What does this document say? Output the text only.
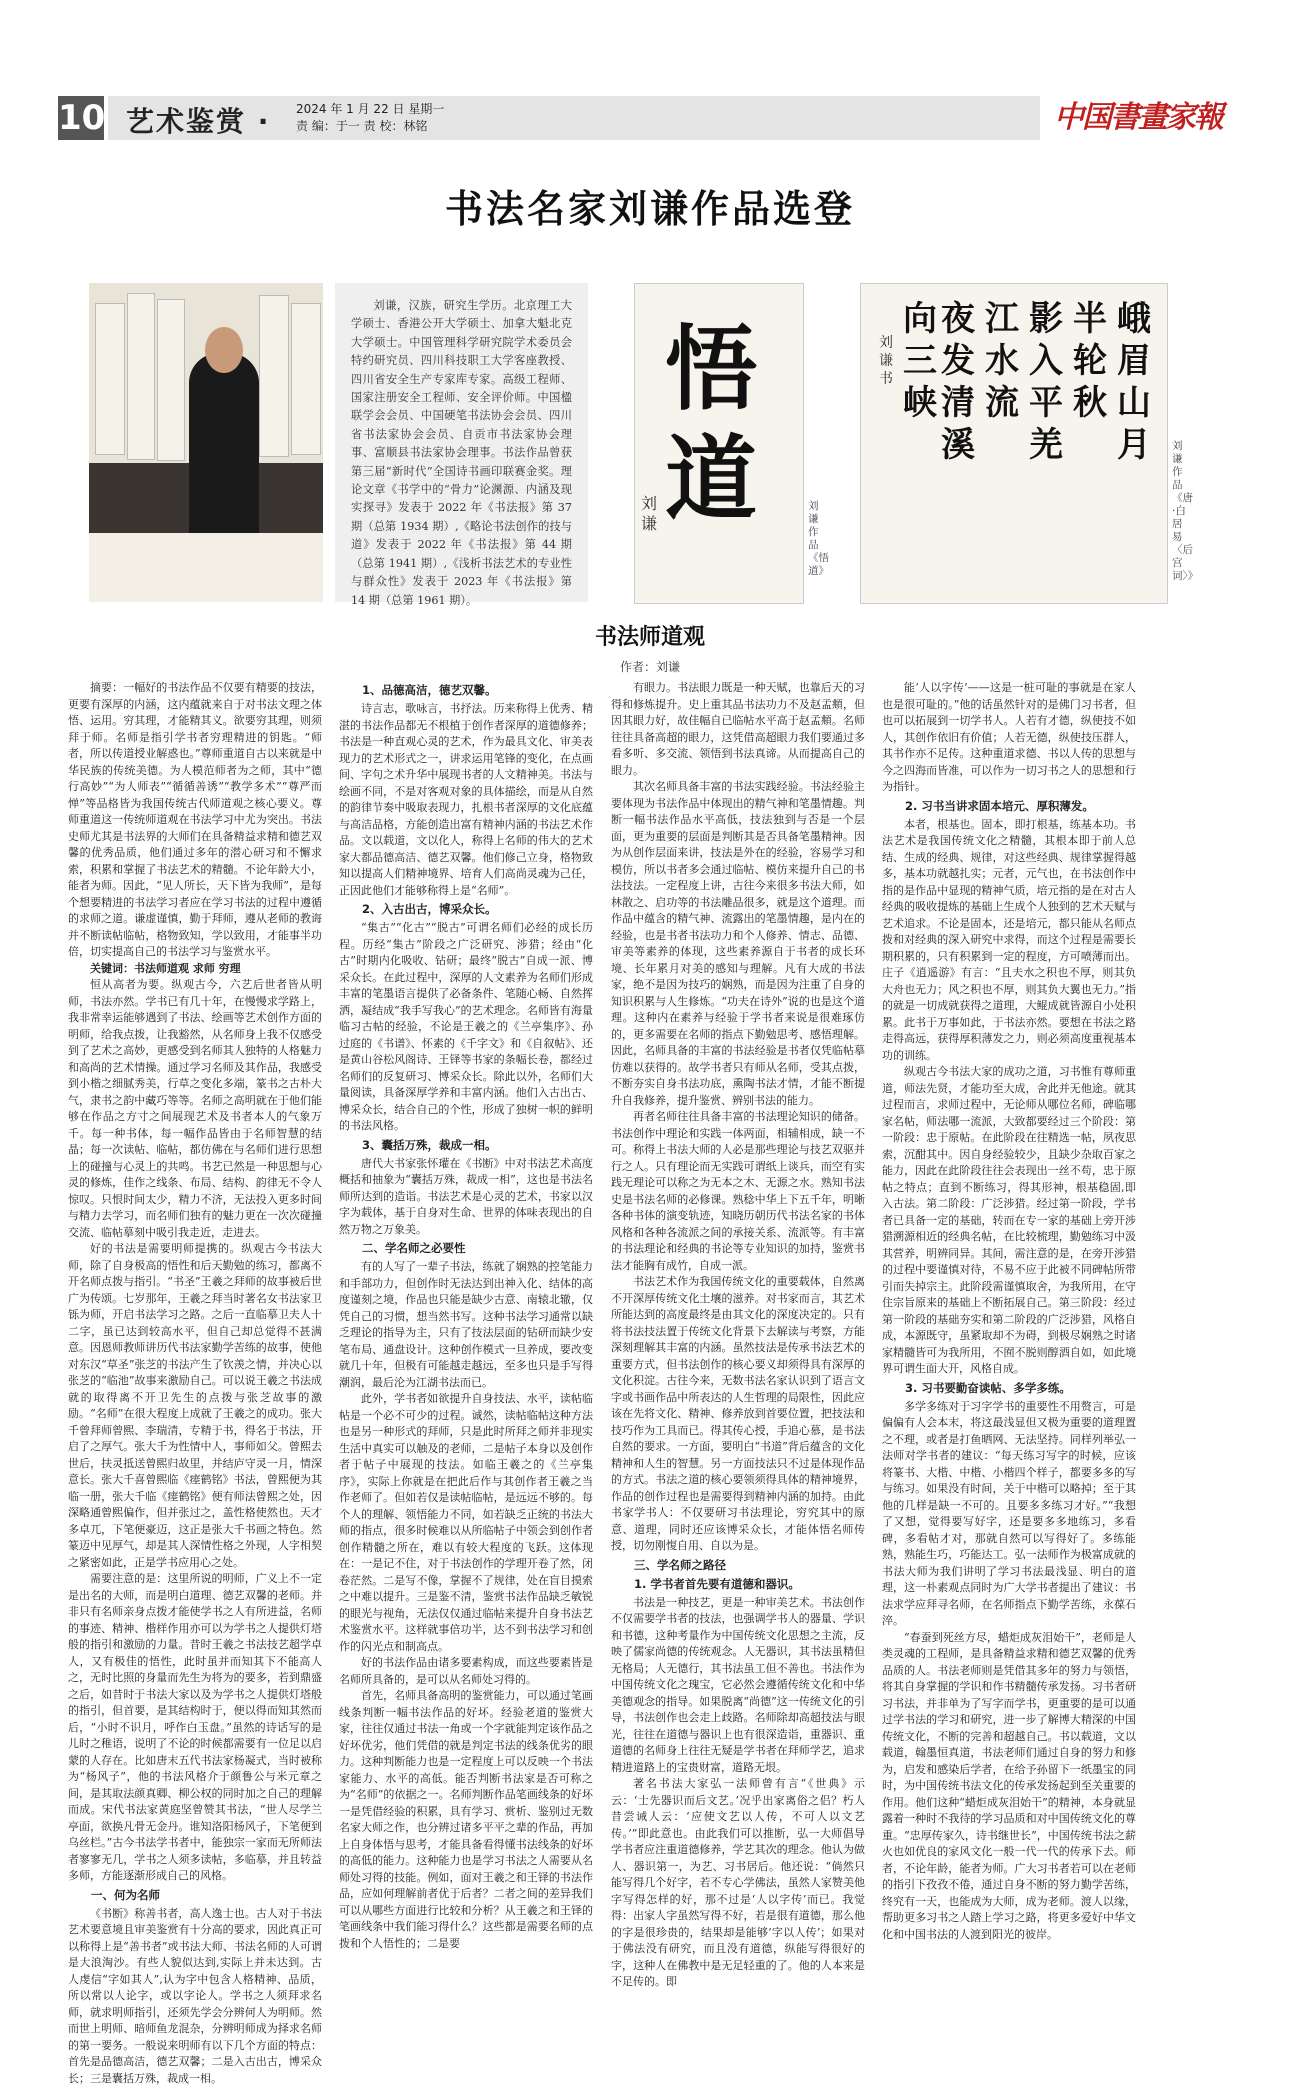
10 艺术鉴赏 · 2024 年 1 月 22 日 星期一
责 编：于一 责 校：林铭	中国書畫家報
书法名家刘谦作品选登

刘谦，汉族，研究生学历。北京理工大学硕士、香港公开大学硕士、加拿大魁北克大学硕士。中国管理科学研究院学术委员会特约研究员、四川科技职工大学客座教授、四川省安全生产专家库专家。高级工程师、国家注册安全工程师、安全评价师。中国楹联学会会员、中国硬笔书法协会会员、四川省书法家协会会员、自贡市书法家协会理事、富顺县书法家协会理事。书法作品曾获第三届“新时代”全国诗书画印联赛金奖。理论文章《书学中的“骨力”论渊源、内涵及现实探寻》发表于 2022 年《书法报》第 37 期（总第 1934 期）,《略论书法创作的技与道》发表于 2022 年《书法报》第 44 期（总第 1941 期）,《浅析书法艺术的专业性与群众性》发表于 2023 年《书法报》第 14 期（总第 1961 期）。

悟道
刘谦
刘谦作品《悟道》
峨眉山月
半轮秋
影入平羌
江水流
夜发清溪
向三峡
刘谦书
刘谦作品《唐·白居易〈后宫词〉》
书法师道观
作者：刘谦

摘要：一幅好的书法作品不仅要有精要的技法，更要有深厚的内涵，这内蕴就来自于对书法文理之体悟、运用。穷其理，才能精其义。欲要穷其理，则须拜于师。名师是指引学书者穷理精进的钥匙。“师者，所以传道授业解惑也。”尊师重道自古以来就是中华民族的传统美德。为人模范师者为之师，其中“德行高妙”“为人师表”“循循善诱”“教学多术”“尊严而惮”等品格皆为我国传统古代师道观之核心要义。尊师重道这一传统师道观在书法学习中尤为突出。书法史师尤其是书法界的大师们在具备精益求精和德艺双馨的优秀品质，他们通过多年的潜心研习和不懈求索，积累和掌握了书法艺术的精髓。不论年龄大小，能者为师。因此，“见人所长，天下皆为我师”，是每个想要精进的书法学习者应在学习书法的过程中遵循的求师之道。谦虚谨慎，勤于拜师，遵从老师的教诲并不断读帖临帖，格物致知，学以致用，才能事半功倍，切实提高自己的书法学习与鉴赏水平。

关键词：书法师道观 求师 穷理

恒从高者为要。纵观古今，六艺后世者皆从明师，书法亦然。学书已有几十年，在慢慢求学路上，我非常幸运能够遇到了书法、绘画等艺术创作方面的明师，给我点拨，让我豁然，从名师身上我不仅感受到了艺术之高妙，更感受到名师其人独特的人格魅力和高尚的艺术情操。通过学习名师及其作品，我感受到小楷之细腻秀美，行草之变化多端，篆书之古朴大气，隶书之韵中藏巧等等。名师之高明就在于他们能够在作品之方寸之间展现艺术及书者本人的气象万千。每一种书体，每一幅作品皆由于名师智慧的结晶；每一次读帖、临帖，都仿佛在与名师们进行思想上的碰撞与心灵上的共鸣。书艺已然是一种思想与心灵的修炼，佳作之线条、布局、结构、韵律无不令人惊叹。只恨时间太少，精力不济，无法投入更多时间与精力去学习，而名师们独有的魅力更在一次次碰撞交流、临帖摹刻中吸引我走近，走进去。

好的书法是需要明师提携的。纵观古今书法大师，除了自身极高的悟性和后天勤勉的练习，都离不开名师点拨与指引。“书圣”王羲之拜师的故事被后世广为传颂。七岁那年，王羲之拜当时著名女书法家卫铄为师，开启书法学习之路。之后一直临摹卫夫人十二字，虽已达到较高水平，但自己却总觉得不甚满意。因恩师教师讲历代书法家勤学苦练的故事，使他对东汉“草圣”张芝的书法产生了钦羡之情，并决心以张芝的“临池”故事来激励自己。可以说王羲之书法成就的取得离不开卫先生的点拨与张芝故事的激励。“名师”在很大程度上成就了王羲之的成功。张大千曾拜师曾熙、李瑞清，专精于书，得名于书法，开启了之厚气。张大千为性情中人，事师如父。曾熙去世后，扶灵抵送曾熙归故里，并结庐守灵一月，情深意长。张大千喜曾熙临《瘗鹤铭》书法，曾熙便为其临一册，张大千临《瘗鹤铭》便有师法曾熙之处，因深略通曾熙偏作，但并张过之，盖性格使然也。天才多卓兀，下笔便豪迈，这正是张大千书画之特色。然篆迈中见厚气，却是其人深情性格之外现，人字相契之紧密如此，正是学书应用心之处。

需要注意的是：这里所说的明师，广义上不一定是出名的大师，而是明白道理、德艺双馨的老师。并非只有名师亲身点拨才能使学书之人有所进益，名师的事迹、精神、楷样作用亦可以为学书之人提供灯塔般的指引和激励的力量。昔时王羲之书法技艺超学卓人，又有极佳的悟性，此时虽并而知其下不能高人之，无时比照的身量而先生为将为的要多，若到鼎盛之后，如昔时于书法大家以及为学书之人提供灯塔般的指引，但首要，是其结构时于，便以得而知其然而后，“小时不识月，呼作白玉盘。”虽然的诗话写的是儿时之稚语，说明了不论的时候都需要有一位足以启蒙的人存在。比如唐末五代书法家杨凝式，当时被称为“杨风子”，他的书法风格介于颜鲁公与米元章之间，是其取法颜真卿、柳公权的同时加之自己的理解而成。宋代书法家黄庭坚曾赞其书法，“世人尽学兰亭面，欲换凡骨无金丹。谁知洛阳杨风子，下笔便到乌丝栏。”古今书法学书者中，能独宗一家而无所师法者寥寥无几，学书之人须多读帖，多临摹，并且转益多师，方能逐渐形成自己的风格。

一、何为名师

《书断》称善书者，高人逸士也。古人对于书法艺术要意境且审美鉴赏有十分高的要求，因此真正可以称得上是“善书者”或书法大师、书法名师的人可谓是大浪淘沙。有些人貌似达到,实际上并未达到。古人虔信“字如其人”,认为字中包含人格精神、品质，所以常以人论字，或以字论人。学书之人须拜求名师，就求明师指引，还须先学会分辨何人为明师。然而世上明师、暗师鱼龙混杂，分辨明师成为择求名师的第一要务。一般说来明师有以下几个方面的特点：首先是品德高洁，德艺双馨；二是入古出古，博采众长；三是囊括万殊，裁成一相。

1、品德高洁，德艺双馨。

诗言志，歌咏言，书抒法。历来称得上优秀、精湛的书法作品都无不根植于创作者深厚的道德修养；书法是一种直观心灵的艺术，作为最具文化、审美表现力的艺术形式之一，讲求运用笔锋的变化，在点画间、字句之术升华中展现书者的人文精神美。书法与绘画不同，不是对客观对象的具体描绘，而是从自然的韵律节奏中吸取表现力，扎根书者深厚的文化底蕴与高洁品格，方能创造出富有精神内涵的书法艺术作品。文以载道，文以化人，称得上名师的伟大的艺术家大都品德高洁、德艺双馨。他们修己立身，格物致知以提高人们精神境界、培育人们高尚灵魂为己任，正因此他们才能够称得上是“名师”。

2、入古出古，博采众长。

“集古”“化古”“脱古”可谓名师们必经的成长历程。历经“集古”阶段之广泛研究、涉猎；经由“化古”时期内化吸收、钻研；最终“脱古”自成一派、博采众长。在此过程中，深厚的人文素养为名师们形成丰富的笔墨语言提供了必备条件、笔随心畅、自然挥洒，凝结成“我手写我心”的艺术理念。名师皆有海量临习古帖的经验，不论是王羲之的《兰亭集序》、孙过庭的《书谱》、怀素的《千字文》和《自叙帖》、还是黄山谷松风阁诗、王铎等书家的条幅长卷，都经过名师们的反复研习、博采众长。除此以外，名师们大量阅读，具备深厚学养和丰富内涵。他们入古出古、博采众长，结合自己的个性，形成了独树一帜的鲜明的书法风格。

3、囊括万殊，裁成一相。

唐代大书家张怀瓘在《书断》中对书法艺术高度概括和抽象为“囊括万殊，裁成一相”，这也是书法名师所达到的造诣。书法艺术是心灵的艺术，书家以汉字为载体，基于自身对生命、世界的体味表现出的自然万物之万象美。

二、学名师之必要性

有的人写了一辈子书法，练就了娴熟的控笔能力和手部功力，但创作时无法达到出神入化、结体的高度谨刻之境，作品也只能是缺少古意、南辕北辙，仅凭自己的习惯，想当然书写。这种书法学习通常以缺乏理论的指导为主，只有了技法层面的钻研而缺少安笔布局、通盘设计。这种创作模式一旦养成，要改变就几十年，但极有可能越走越远，至多也只是手写得潮润，最后沦为江湖书法而已。

此外，学书者如欲提升自身技法、水平，读帖临帖是一个必不可少的过程。诚然，读帖临帖这种方法也是另一种形式的拜师，只是此时所拜之师并非现实生活中真实可以触及的老师，二是帖子本身以及创作者于帖子中展现的技法。如临王羲之的《兰亭集序》，实际上你就是在把此后作与其创作者王羲之当作老师了。但如若仅是读帖临帖，是远远不够的。每个人的理解、领悟能力不同，如若缺乏正统的书法大师的指点，很多时候难以从所临帖子中领会到创作者创作精髓之所在，难以有较大程度的飞跃。这体现在：一是记不住，对于书法创作的学理开卷了然，闭卷茫然。二是写不像，掌握不了规律，处在盲目摸索之中难以提升。三是鉴不清，鉴赏书法作品缺乏敏锐的眼光与视角，无法仅仅通过临帖来提升自身书法艺术鉴赏水平。这样就事倍功半，达不到书法学习和创作的闪光点和制高点。

好的书法作品由诸多要素构成，而这些要素皆是名师所具备的，是可以从名师处习得的。

首先，名师具备高明的鉴赏能力，可以通过笔画线条判断一幅书法作品的好坏。经验老道的鉴赏大家，往往仅通过书法一角或一个字就能判定该作品之好坏优劣，他们凭借的就是判定书法的线条优劣的眼力。这种判断能力也是一定程度上可以反映一个书法家能力、水平的高低。能否判断书法家是否可称之为“名师”的依据之一。名师判断作品笔画线条的好坏一是凭借经验的积累，具有学习、赏析、鉴别过无数名家大师之作，也分辨过诸多平平之辈的作品，再加上自身体悟与思考，才能具备看得懂书法线条的好坏的高低的能力。这种能力也是学习书法之人需要从名师处习得的技能。例如，面对王羲之和王铎的书法作品，应如何理解前者优于后者？二者之间的差异我们可以从哪些方面进行比较和分析？从王羲之和王铎的笔画线条中我们能习得什么？这些都是需要名师的点拨和个人悟性的；二是要

有眼力。书法眼力既是一种天赋，也靠后天的习得和修炼提升。史上重其品书法功力不及赵孟頫，但因其眼力好，故佳幅自已临帖水平高于赵孟頫。名师往往具备高超的眼力，这凭借高超眼力我们要通过多看多听、多交流、领悟到书法真谛。从而提高自己的眼力。

其次名师具备丰富的书法实践经验。书法经验主要体现为书法作品中体现出的精气神和笔墨情趣。判断一幅书法作品水平高低，技法独到与否是一个层面，更为重要的层面是判断其是否具备笔墨精神。因为从创作层面来讲，技法是外在的经验，容易学习和模仿，所以书者多会通过临帖、模仿来提升自己的书法技法。一定程度上讲，古往今来很多书法大师，如林散之、启功等的书法雕品很多，就是这个道理。而作品中蕴含的精气神、流露出的笔墨情趣，是内在的经验，也是书者书法功力和个人修养、情志、品德、审美等素养的体现，这些素养源自于书者的成长环境、长年累月对美的感知与理解。凡有大成的书法家，绝不是因为技巧的娴熟，而是因为注重了自身的知识积累与人生修炼。“功夫在诗外”说的也是这个道理。这种内在素养与经验于学书者来说是很难琢仿的，更多需要在名师的指点下勤勉思考、感悟理解。因此，名师具备的丰富的书法经验是书者仅凭临帖摹仿难以获得的。故学书者只有师从名师，受其点拨，不断夯实自身书法功底，熏陶书法才情，才能不断提升自我修养，提升鉴赏、辨别书法的能力。

再者名师往往具备丰富的书法理论知识的储备。书法创作中理论和实践一体两面，相辅相成，缺一不可。称得上书法大师的人必是那些理论与技艺双驱并行之人。只有理论而无实践可谓纸上谈兵，而空有实践无理论可以称之为无本之木、无源之水。熟知书法史是书法名师的必修课。熟稔中华上下五千年，明晰各种书体的演变轨迹，知晓历朝历代书法名家的书体风格和各种各流派之间的承接关系、流派等。有丰富的书法理论和经典的书论等专业知识的加持，鉴赏书法才能胸有成竹，自成一派。

书法艺术作为我国传统文化的重要载体，自然离不开深厚传统文化土壤的滋养。对书家而言，其艺术所能达到的高度最终是由其文化的深度决定的。只有将书法技法置于传统文化背景下去解读与考察，方能深刻理解其丰富的内涵。虽然技法是传承书法艺术的重要方式，但书法创作的核心要义却须得具有深厚的文化积淀。古往今来，无数书法名家认识到了语言文字或书画作品中所表达的人生哲理的局限性，因此应该在先将文化、精神、修养放到首要位置，把技法和技巧作为工具而已。得其传心授，手追心慕，是书法自然的要求。一方面，要明白“书道”背后蕴含的文化精神和人生的智慧。另一方面技法只不过是体现作品的方式。书法之道的核心要领须得具体的精神境界，作品的创作过程也是需要得到精神内涵的加持。由此书家学书人：不仅要研习书法理论，穷究其中的原意、道理，同时还应该博采众长，才能体悟名师传授，切勿刚愎自用、自以为是。

三、学名师之路径
1. 学书者首先要有道德和器识。

书法是一种技艺，更是一种审美艺术。书法创作不仅需要学书者的技法，也强调学书人的器量、学识和书德，这种考量作为中国传统文化思想之主流，反映了儒家尚德的传统观念。人无器识，其书法虽精但无格局；人无德行，其书法虽工但不善也。书法作为中国传统文化之瑰宝，它必然会遵循传统文化和中华美德观念的指导。如果脱离“尚德”这一传统文化的引导，书法创作也会走上歧路。名师除却高超技法与眼光，往往在道德与器识上也有很深造诣，重器识、重道德的名师身上往往无疑是学书者在拜师学艺，追求精进道路上的宝贵财富，道路无垠。

著名书法大家弘一法师曾有言“《世典》示云：‘士先器识而后文艺。’况乎出家离俗之侣？朽人昔尝诫人云：‘应使文艺以人传，不可人以文艺传。’”即此意也。由此我们可以推断，弘一大师倡导学书者应注重道德修养，学艺其次的理念。他认为做人、器识第一，为艺、习书居后。他还说：“倘然只能写得几个好字，若不专心学佛法，虽然人家赞美他字写得怎样的好，那不过是‘人以字传’而已。我觉得：出家人字虽然写得不好，若是很有道德，那么他的字是很珍贵的，结果却是能够‘字以人传’；如果对于佛法没有研究，而且没有道德，纵能写得很好的字，这种人在佛教中是无足轻重的了。他的人本来是不足传的。即

能‘人以字传’——这是一桩可耻的事就是在家人也是很可耻的。”他的话虽然针对的是佛门习书者，但也可以拓展到一切学书人。人若有才德，纵使技不如人，其创作依旧有价值；人若无德，纵使技压群人，其书作亦不足传。这种重道求德、书以人传的思想与今之四海而皆准，可以作为一切习书之人的思想和行为指针。

2. 习书当讲求固本培元、厚积薄发。

本者，根基也。固本，即打根基，练基本功。书法艺术是我国传统文化之精髓，其根本即于前人总结、生成的经典、规律，对这些经典、规律掌握得越多，基本功就越扎实；元者，元气也，在书法创作中指的是作品中显现的精神气质，培元指的是在对古人经典的吸收提炼的基础上生成个人独到的艺术天赋与艺术追求。不论是固本，还是培元，都只能从名师点拨和对经典的深入研究中求得，而这个过程是需要长期积累的，只有积累到一定的程度，方可喷薄而出。庄子《逍遥游》有言：“且夫水之积也不厚，则其负大舟也无力；风之积也不厚，则其负大翼也无力。”指的就是一切成就获得之道理，大鲲成就皆源自小处积累。此书于万事如此，于书法亦然。要想在书法之路走得高远，获得厚积薄发之力，则必须高度重视基本功的训练。

纵观古今书法大家的成功之道，习书惟有尊师重道，师法先贤，才能功至大成，舍此并无他途。就其过程而言，求师过程中，无论师从哪位名师，碑临哪家名帖，师法哪一流派，大致都要经过三个阶段：第一阶段：忠于原帖。在此阶段在往精选一帖，夙夜思索，沉酣其中。因自身经验较少，且缺少杂取百家之能力，因此在此阶段往往会表现出一丝不苟，忠于原帖之特点；直到不断练习，得其形神，根基稳固,即入古法。第二阶段：广泛涉猎。经过第一阶段，学书者已具备一定的基础，转而在专一家的基础上旁开涉猎溯源相近的经典名帖，在比较梳理，勤勉练习中汲其营养，明辨同异。其间，需注意的是，在旁开涉猎的过程中要谨慎对待，不易不应于此被不同碑帖所带引而失掉宗主。此阶段需谨慎取舍，为我所用，在守住宗旨原来的基础上不断拓展自己。第三阶段：经过第一阶段的基础夯实和第二阶段的广泛涉猎，风格自成，本源既守，虽紧取却不为碍，到极尽娴熟之时诸家精髓皆可为我所用，不囿不脱则醇酒自如，如此境界可谓生面大开，风格自成。

3. 习书要勤奋读帖、多学多练。

多学多练对于习字学书的重要性不用赘言，可是偏偏有人会本末，将这最浅显但又极为重要的道理置之不理，或者是打鱼晒网、无法坚持。同样列举弘一法师对学书者的建议：“每天练习写字的时候，应该将篆书、大楷、中楷、小楷四个样子，都要多多的写与练习。如果没有时间，关于中楷可以略掉；至于其他的几样是缺一不可的。且要多多练习才好。”“我想了又想，觉得要写好字，还是要多多地练习，多看碑，多看帖才对，那就自然可以写得好了。多练能熟，熟能生巧，巧能达工。弘一法师作为极富成就的书法大师为我们讲明了学习书法最浅显、明白的道理，这一朴素观点同时为广大学书者提出了建议：书法求学应拜寻名师，在名师指点下勤学苦练，永葆石淬。

“春蚕到死丝方尽，蜡炬成灰泪始干”，老师是人类灵魂的工程师，是具备精益求精和德艺双馨的优秀品质的人。书法老师则是凭借其多年的努力与领悟，将其自身掌握的学识和作书精髓传承发扬。习书者研习书法，并非单为了写字而学书，更重要的是可以通过学书法的学习和研究，进一步了解博大精深的中国传统文化，不断的完善和超越自己。书以载道，文以载道，翰墨恒真道，书法老师们通过自身的努力和修为，启发和感染后学者，在给予孙留下一纸墨宝的同时，为中国传统书法文化的传承发扬起到至关重要的作用。他们这种“蜡炬成灰泪始干”的精神，本身就显露着一种时不我待的学习品质和对中国传统文化的尊重。“忠厚传家久，诗书继世长”，中国传统书法之薪火也如优良的家风文化一般一代一代的传承下去。师者，不论年龄，能者为师。广大习书者若可以在老师的指引下孜孜不倦，通过自身不断的努力勤学苦练，终究有一天，也能成为大师，成为老师。渡人以缘，帮助更多习书之人踏上学习之路，将更多爱好中华文化和中国书法的人渡到阳光的彼岸。
